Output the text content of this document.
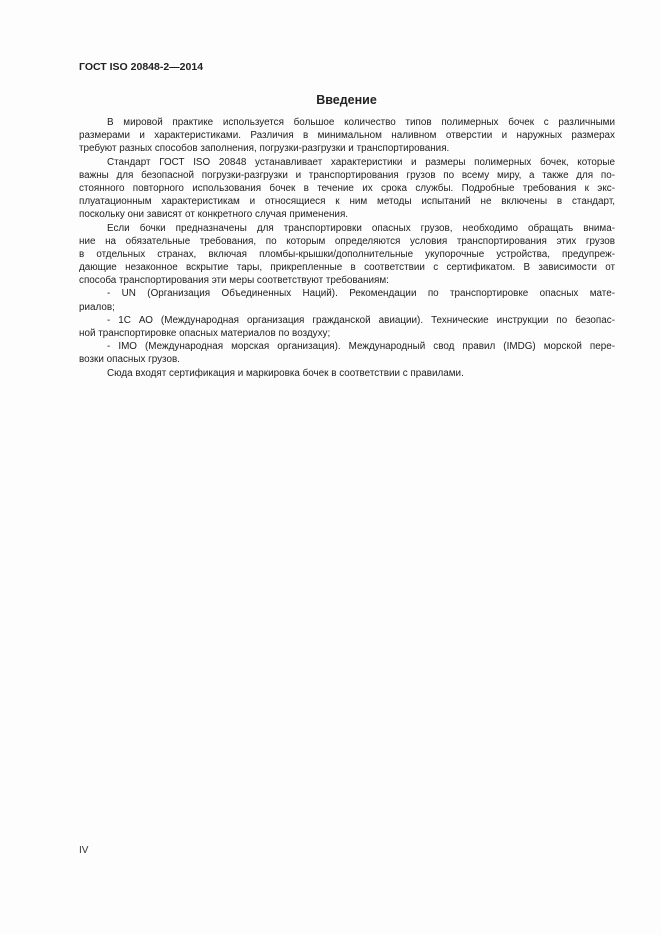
ГОСТ ISO 20848-2—2014
Введение
В мировой практике используется большое количество типов полимерных бочек с различными
размерами и характеристиками. Различия в минимальном наливном отверстии и наружных размерах
требуют разных способов заполнения, погрузки-разгрузки и транспортирования.
Стандарт ГОСТ ISO 20848 устанавливает характеристики и размеры полимерных бочек, которые
важны для безопасной погрузки-разгрузки и транспортирования грузов по всему миру, а также для по-
стоянного повторного использования бочек в течение их срока службы. Подробные требования к экс-
плуатационным характеристикам и относящиеся к ним методы испытаний не включены в стандарт,
поскольку они зависят от конкретного случая применения.
Если бочки предназначены для транспортировки опасных грузов, необходимо обращать внима-
ние на обязательные требования, по которым определяются условия транспортирования этих грузов
в отдельных странах, включая пломбы-крышки/дополнительные укупорочные устройства, предупреж-
дающие незаконное вскрытие тары, прикрепленные в соответствии с сертификатом. В зависимости от
способа транспортирования эти меры соответствуют требованиям:
- UN (Организация Объединенных Наций). Рекомендации по транспортировке опасных мате-
риалов;
- 1С АО (Международная организация гражданской авиации). Технические инструкции по безопас-
ной транспортировке опасных материалов по воздуху;
- IMO (Международная морская организация). Международный свод правил (IMDG) морской пере-
возки опасных грузов.
Сюда входят сертификация и маркировка бочек в соответствии с правилами.
IV
